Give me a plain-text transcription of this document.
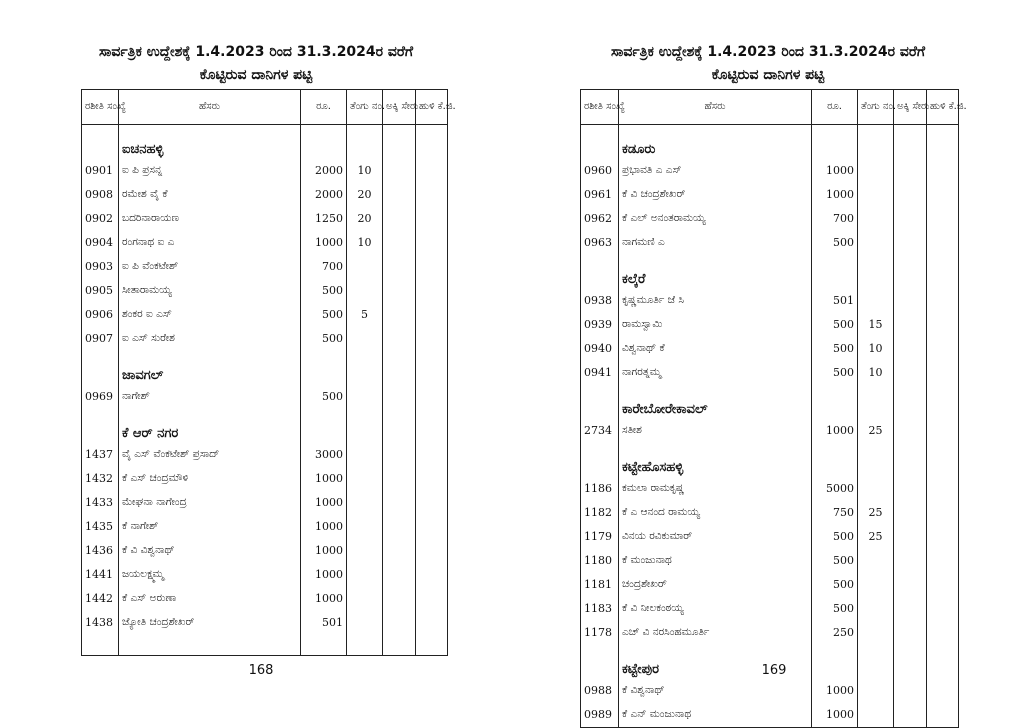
ಸಾರ್ವತ್ರಿಕ ಉದ್ದೇಶಕ್ಕೆ 1.4.2023 ರಿಂದ 31.3.2024ರ ವರೆಗೆ
ಕೊಟ್ಟಿರುವ ದಾನಿಗಳ ಪಟ್ಟಿ
ರಶೀತಿ ಸಂಖ್ಯೆ	ಹೆಸರು	ರೂ.	ತೆಂಗು ನಂ.	ಅಕ್ಕಿ ಸೇರು	ಹುಳಿ ಕೆ.ಜಿ.
	ಐಚನಹಳ್ಳಿ				
0901	ಐ ಪಿ ಪ್ರಸನ್ನ	2000	10		
0908	ರಮೇಶ ವೈ ಕೆ	2000	20		
0902	ಬದರಿನಾರಾಯಣ	1250	20		
0904	ರಂಗನಾಥ ಐ ಎ	1000	10		
0903	ಐ ಪಿ ವೆಂಕಟೇಶ್	700			
0905	ಸೀತಾರಾಮಯ್ಯ	500			
0906	ಶಂಕರ ಐ ಎಸ್	500	5		
0907	ಐ ಎಸ್ ಸುರೇಶ	500			
	ಜಾವಗಲ್				
0969	ನಾಗೇಶ್	500			
	ಕೆ ಆರ್ ನಗರ				
1437	ವೈ ಎಸ್ ವೆಂಕಟೇಶ್ ಪ್ರಸಾದ್	3000			
1432	ಕೆ ಎಸ್ ಚಂದ್ರಮೌಳಿ	1000			
1433	ಮೇಘನಾ ನಾಗೇಂದ್ರ	1000			
1435	ಕೆ ನಾಗೇಶ್	1000			
1436	ಕೆ ವಿ ವಿಶ್ವನಾಥ್	1000			
1441	ಜಯಲಕ್ಷ್ಮಮ್ಮ	1000			
1442	ಕೆ ಎಸ್ ಅರುಣಾ	1000			
1438	ಜ್ಯೋತಿ ಚಂದ್ರಶೇಖರ್	501			

168
ಸಾರ್ವತ್ರಿಕ ಉದ್ದೇಶಕ್ಕೆ 1.4.2023 ರಿಂದ 31.3.2024ರ ವರೆಗೆ
ಕೊಟ್ಟಿರುವ ದಾನಿಗಳ ಪಟ್ಟಿ
ರಶೀತಿ ಸಂಖ್ಯೆ	ಹೆಸರು	ರೂ.	ತೆಂಗು ನಂ.	ಅಕ್ಕಿ ಸೇರು	ಹುಳಿ ಕೆ.ಜಿ.
	ಕಡೂರು				
0960	ಪ್ರಭಾವತಿ ಎ ಎಸ್	1000			
0961	ಕೆ ವಿ ಚಂದ್ರಶೇಖರ್	1000			
0962	ಕೆ ಎಲ್ ಅನಂತರಾಮಯ್ಯ	700			
0963	ನಾಗಮಣಿ ಎ	500			
	ಕಲ್ಕೆರೆ				
0938	ಕೃಷ್ಣಮೂರ್ತಿ ಜೆ ಸಿ	501			
0939	ರಾಮಸ್ವಾಮಿ	500	15		
0940	ವಿಶ್ವನಾಥ್ ಕೆ	500	10		
0941	ನಾಗರತ್ನಮ್ಮ	500	10		
	ಕಾರೇಬೋರೇಕಾವಲ್				
2734	ಸತೀಶ	1000	25		
	ಕಟ್ಟೇಹೊಸಹಳ್ಳಿ				
1186	ಕಮಲಾ ರಾಮಕೃಷ್ಣ	5000			
1182	ಕೆ ಎ ಆನಂದ ರಾಮಯ್ಯ	750	25		
1179	ವಿನಯ ರವಿಕುಮಾರ್	500	25		
1180	ಕೆ ಮಂಜುನಾಥ	500			
1181	ಚಂದ್ರಶೇಖರ್	500			
1183	ಕೆ ವಿ ನೀಲಕಂಠಯ್ಯ	500			
1178	ಎಚ್ ವಿ ನರಸಿಂಹಮೂರ್ತಿ	250			
	ಕಟ್ಟೇಪುರ				
0988	ಕೆ ವಿಶ್ವನಾಥ್	1000			
0989	ಕೆ ಎನ್ ಮಂಜುನಾಥ	1000			

169
